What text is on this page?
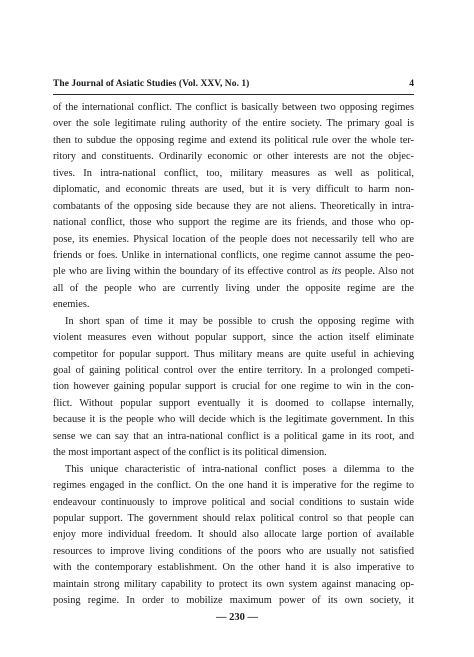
The Journal of Asiatic Studies (Vol. XXV, No. 1)	4
of the international conflict. The conflict is basically between two opposing regimes
over the sole legitimate ruling authority of the entire society. The primary goal is
then to subdue the opposing regime and extend its political rule over the whole ter-
ritory and constituents. Ordinarily economic or other interests are not the objec-
tives. In intra-national conflict, too, military measures as well as political,
diplomatic, and economic threats are used, but it is very difficult to harm non-
combatants of the opposing side because they are not aliens. Theoretically in intra-
national conflict, those who support the regime are its friends, and those who op-
pose, its enemies. Physical location of the people does not necessarily tell who are
friends or foes. Unlike in international conflicts, one regime cannot assume the peo-
ple who are living within the boundary of its effective control as its people. Also not
all of the people who are currently living under the opposite regime are the
enemies.
In short span of time it may be possible to crush the opposing regime with
violent measures even without popular support, since the action itself eliminate
competitor for popular support. Thus military means are quite useful in achieving
goal of gaining political control over the entire territory. In a prolonged competi-
tion however gaining popular support is crucial for one regime to win in the con-
flict. Without popular support eventually it is doomed to collapse internally,
because it is the people who will decide which is the legitimate government. In this
sense we can say that an intra-national conflict is a political game in its root, and
the most important aspect of the conflict is its political dimension.
This unique characteristic of intra-national conflict poses a dilemma to the
regimes engaged in the conflict. On the one hand it is imperative for the regime to
endeavour continuously to improve political and social conditions to sustain wide
popular support. The government should relax political control so that people can
enjoy more individual freedom. It should also allocate large portion of available
resources to improve living conditions of the poors who are usually not satisfied
with the contemporary establishment. On the other hand it is also imperative to
maintain strong military capability to protect its own system against manacing op-
posing regime. In order to mobilize maximum power of its own society, it
— 230 —
